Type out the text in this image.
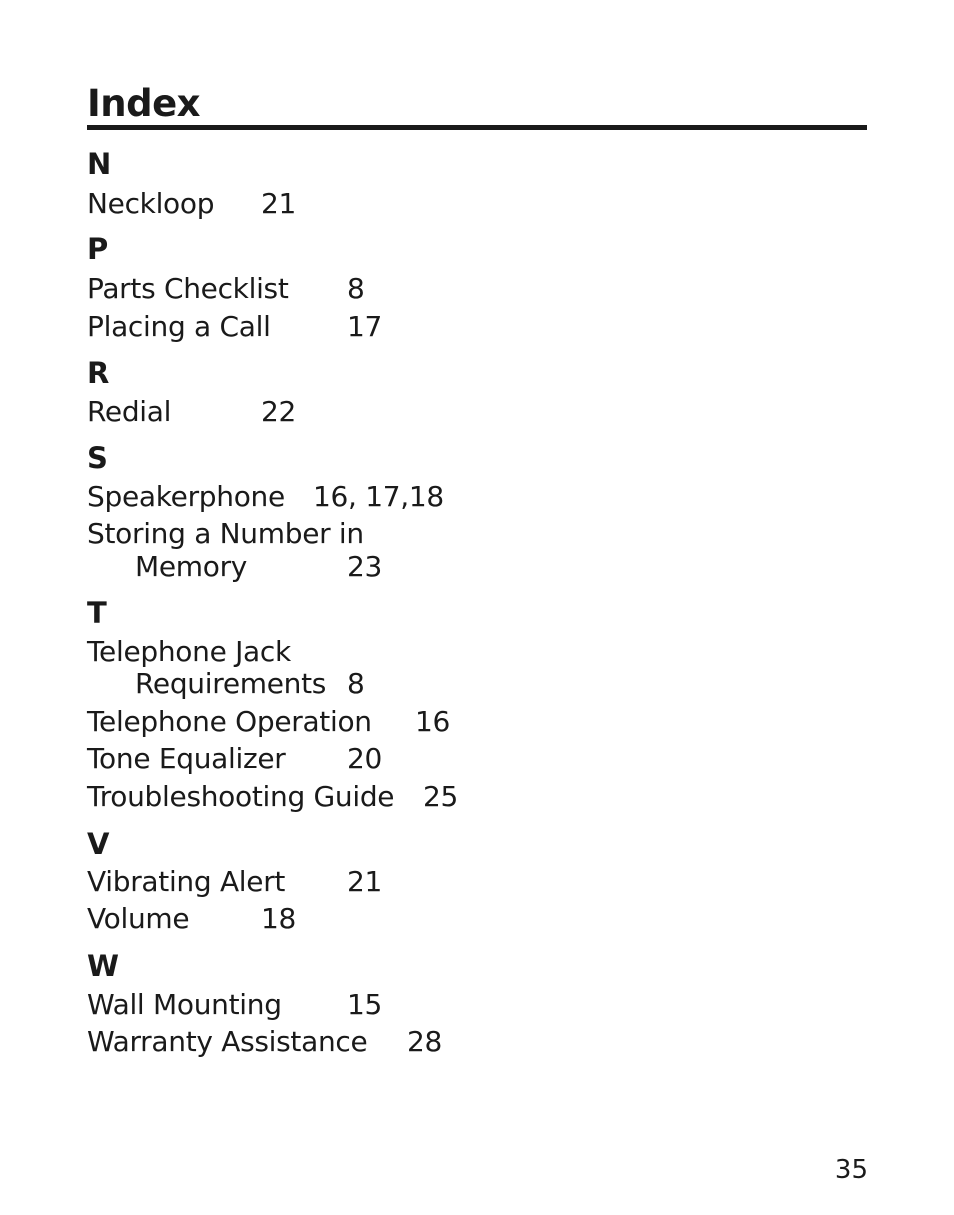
Index
N
Neckloop 21
P
Parts Checklist 8
Placing a Call	17
R
Redial	22
S
Speakerphone 16, 17,18
Storing a Number in
Memory	23
T
Telephone Jack
Requirements 8
Telephone Operation 16
Tone Equalizer 20
Troubleshooting Guide 25
V
Vibrating Alert 21
Volume	18
W
Wall Mounting 15
Warranty Assistance 28
35
